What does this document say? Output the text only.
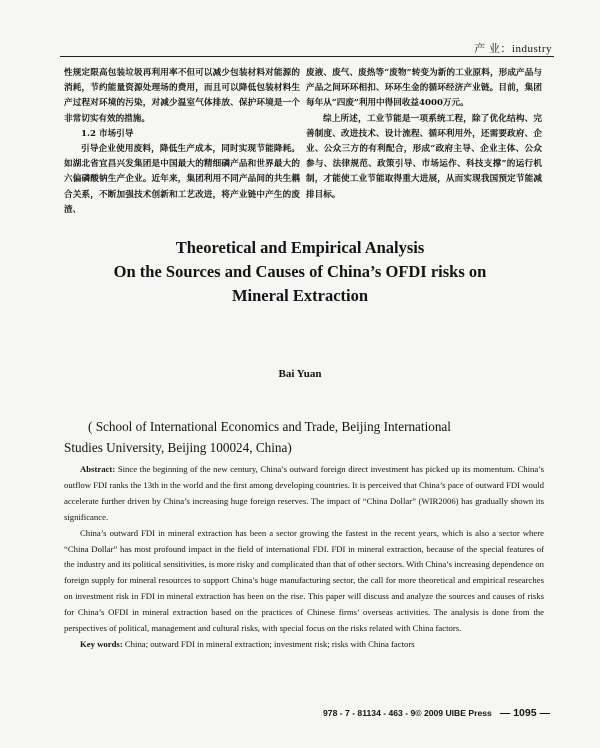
产 业：industry

性规定限高包装垃圾再利用率不但可以减少包装材料对能源的消耗，节约能量资源处理场的费用，而且可以降低包装材料生产过程对环境的污染，对减少温室气体排放、保护环境是一个非常切实有效的措施。

1.2 市场引导

引导企业使用废料，降低生产成本，同时实现节能降耗。如湖北省宜昌兴发集团是中国最大的精细磷产品和世界最大的六偏磷酸钠生产企业。近年来，集团利用不同产品间的共生耦合关系，不断加强技术创新和工艺改进，将产业链中产生的废渣、

废液、废气、废热等“废物”转变为新的工业原料，形成产品与产品之间环环相扣、环环生金的循环经济产业链。目前，集团每年从“四废”利用中得回收益4000万元。

综上所述，工业节能是一项系统工程，除了优化结构、完善制度、改进技术、设计流程、循环利用外，还需要政府、企业、公众三方的有利配合，形成“政府主导、企业主体、公众参与、法律规范、政策引导、市场运作、科技支撑”的运行机制，才能使工业节能取得重大进展，从而实现我国预定节能减排目标。

Theoretical and Empirical Analysis
On the Sources and Causes of China’s OFDI risks on
Mineral Extraction
Bai Yuan
( School of International Economics and Trade, Beijing International
Studies University, Beijing 100024, China)

Abstract: Since the beginning of the new century, China’s outward foreign direct investment has picked up its momentum. China’s outflow FDI ranks the 13th in the world and the first among developing countries. It is perceived that China’s pace of outward FDI would accelerate further driven by China’s increasing huge foreign reserves. The impact of “China Dollar” (WIR2006) has gradually shown its significance.

China’s outward FDI in mineral extraction has been a sector growing the fastest in the recent years, which is also a sector where “China Dollar” has most profound impact in the field of international FDI. FDI in mineral extraction, because of the special features of the industry and its political sensitivities, is more risky and complicated than that of other sectors. With China’s increasing dependence on foreign supply for mineral resources to support China’s huge manufacturing sector, the call for more theoretical and empirical researches on investment risk in FDI in mineral extraction has been on the rise. This paper will discuss and analyze the sources and causes of risks for China’s OFDI in mineral extraction based on the practices of Chinese firms’ overseas activities. The analysis is done from the perspectives of political, management and cultural risks, with special focus on the risks related with China factors.

Key words: China; outward FDI in mineral extraction; investment risk; risks with China factors

978 - 7 - 81134 - 463 - 9© 2009 UIBE Press — 1095 —
